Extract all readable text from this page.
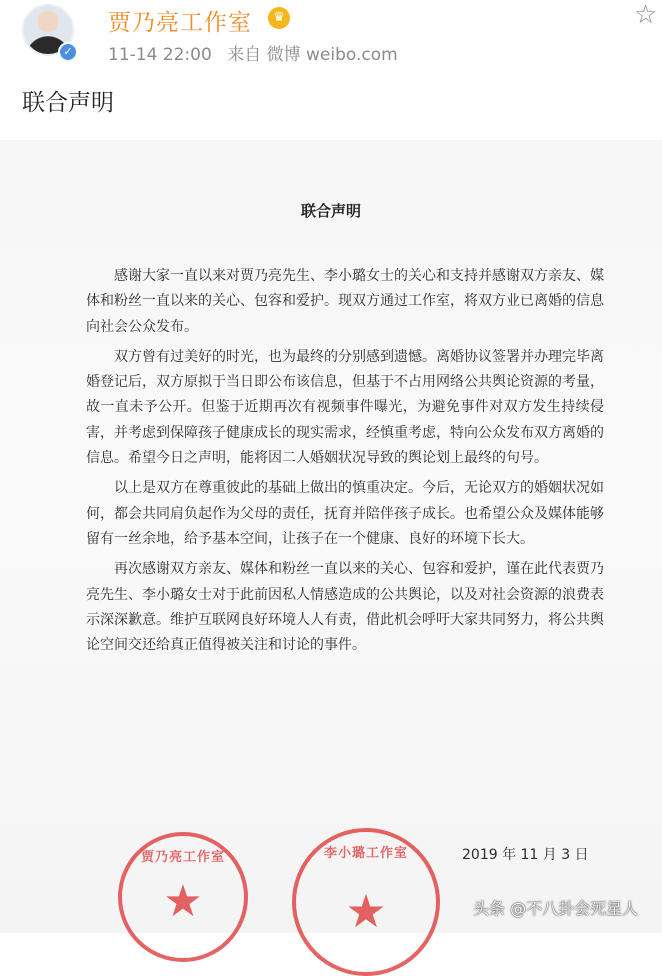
✓
贾乃亮工作室	♛
11-14 22:00 来自 微博 weibo.com
☆
联合声明
联合声明

感谢大家一直以来对贾乃亮先生、李小璐女士的关心和支持并感谢双方亲友、媒体和粉丝一直以来的关心、包容和爱护。现双方通过工作室，将双方业已离婚的信息向社会公众发布。

双方曾有过美好的时光，也为最终的分别感到遗憾。离婚协议签署并办理完毕离婚登记后，双方原拟于当日即公布该信息，但基于不占用网络公共舆论资源的考量，故一直未予公开。但鉴于近期再次有视频事件曝光，为避免事件对双方发生持续侵害，并考虑到保障孩子健康成长的现实需求，经慎重考虑，特向公众发布双方离婚的信息。希望今日之声明，能将因二人婚姻状况导致的舆论划上最终的句号。

以上是双方在尊重彼此的基础上做出的慎重决定。今后，无论双方的婚姻状况如何，都会共同肩负起作为父母的责任，抚育并陪伴孩子成长。也希望公众及媒体能够留有一丝余地，给予基本空间，让孩子在一个健康、良好的环境下长大。

再次感谢双方亲友、媒体和粉丝一直以来的关心、包容和爱护，谨在此代表贾乃亮先生、李小璐女士对于此前因私人情感造成的公共舆论，以及对社会资源的浪费表示深深歉意。维护互联网良好环境人人有责，借此机会呼吁大家共同努力，将公共舆论空间交还给真正值得被关注和讨论的事件。

2019 年 11 月 3 日
贾乃亮工作室
★
李小璐工作室
★	头条 @不八卦会死星人
